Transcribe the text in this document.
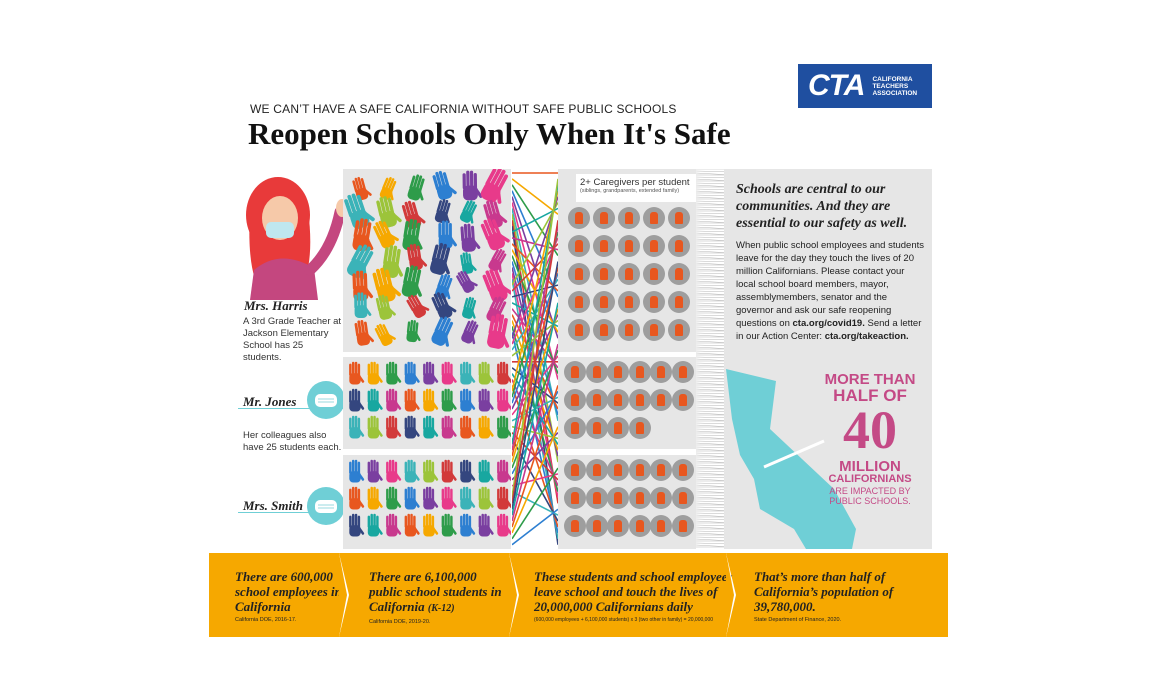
CTA CALIFORNIA
TEACHERS
ASSOCIATION
WE CAN’T HAVE A SAFE CALIFORNIA WITHOUT SAFE PUBLIC SCHOOLS
Reopen Schools Only When It's Safe
Mrs. Harris
A 3rd Grade Teacher at Jackson Elementary School has 25 students.
Mr. Jones
Her colleagues also have 25 students each.
Mrs. Smith
2+ Caregivers per student
(siblings, grandparents, extended family)	Schools are central to our communities. And they are essential to our safety as well.
When public school employees and students leave for the day they touch the lives of 20 million Californians. Please contact your local school board members, mayor, assemblymembers, senator and the governor and ask our safe reopening questions on cta.org/covid19. Send a letter in our Action Center: cta.org/takeaction.
MORE THAN
HALF OF
40
MILLION
CALIFORNIANS
ARE IMPACTED BY
PUBLIC SCHOOLS.
There are 600,000 school employees in California
California DOE, 2016-17.
There are 6,100,000 public school students in California (K-12)
California DOE, 2019-20.
These students and school employees leave school and touch the lives of 20,000,000 Californians daily
(600,000 employees + 6,100,000 students) x 3 (two other in family) = 20,000,000
That’s more than half of California’s population of 39,780,000.
State Department of Finance, 2020.
